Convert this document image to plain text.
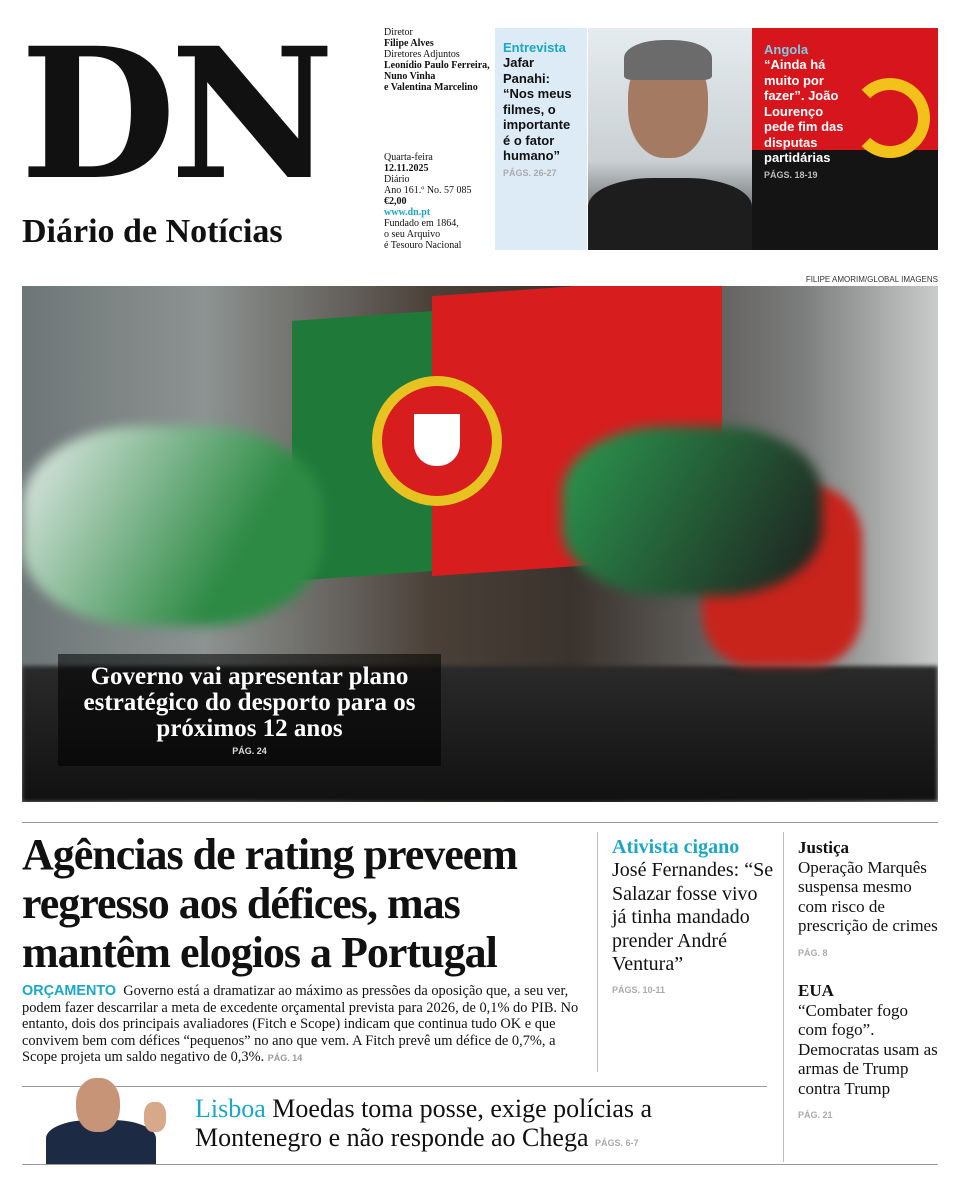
DN
Diário de Notícias
Diretor
Filipe Alves
Diretores Adjuntos
Leonídio Paulo Ferreira,
Nuno Vinha
e Valentina Marcelino
Quarta-feira
12.11.2025
Diário
Ano 161.º No. 57 085
€2,00
www.dn.pt
Fundado em 1864,
o seu Arquivo
é Tesouro Nacional
Entrevista
Jafar Panahi: “Nos meus filmes, o importante é o fator humano”
PÁGS. 26-27
Angola
“Ainda há muito por fazer”. João Lourenço pede fim das disputas partidárias
PÁGS. 18-19
FILIPE AMORIM/GLOBAL IMAGENS
Governo vai apresentar plano estratégico do desporto para os próximos 12 anos
PÁG. 24
Agências de rating preveem regresso aos défices, mas mantêm elogios a Portugal
ORÇAMENTO Governo está a dramatizar ao máximo as pressões da oposição que, a seu ver, podem fazer descarrilar a meta de excedente orçamental prevista para 2026, de 0,1% do PIB. No entanto, dois dos principais avaliadores (Fitch e Scope) indicam que continua tudo OK e que convivem bem com défices “pequenos” no ano que vem. A Fitch prevê um défice de 0,7%, a Scope projeta um saldo negativo de 0,3%. PÁG. 14
Ativista cigano
José Fernandes: “Se Salazar fosse vivo já tinha mandado prender André Ventura”
PÁGS. 10-11
Justiça
Operação Marquês suspensa mesmo com risco de prescrição de crimes
PÁG. 8
EUA
“Combater fogo com fogo”. Democratas usam as armas de Trump contra Trump
PÁG. 21
Lisboa Moedas toma posse, exige polícias a Montenegro e não responde ao Chega PÁGS. 6-7
